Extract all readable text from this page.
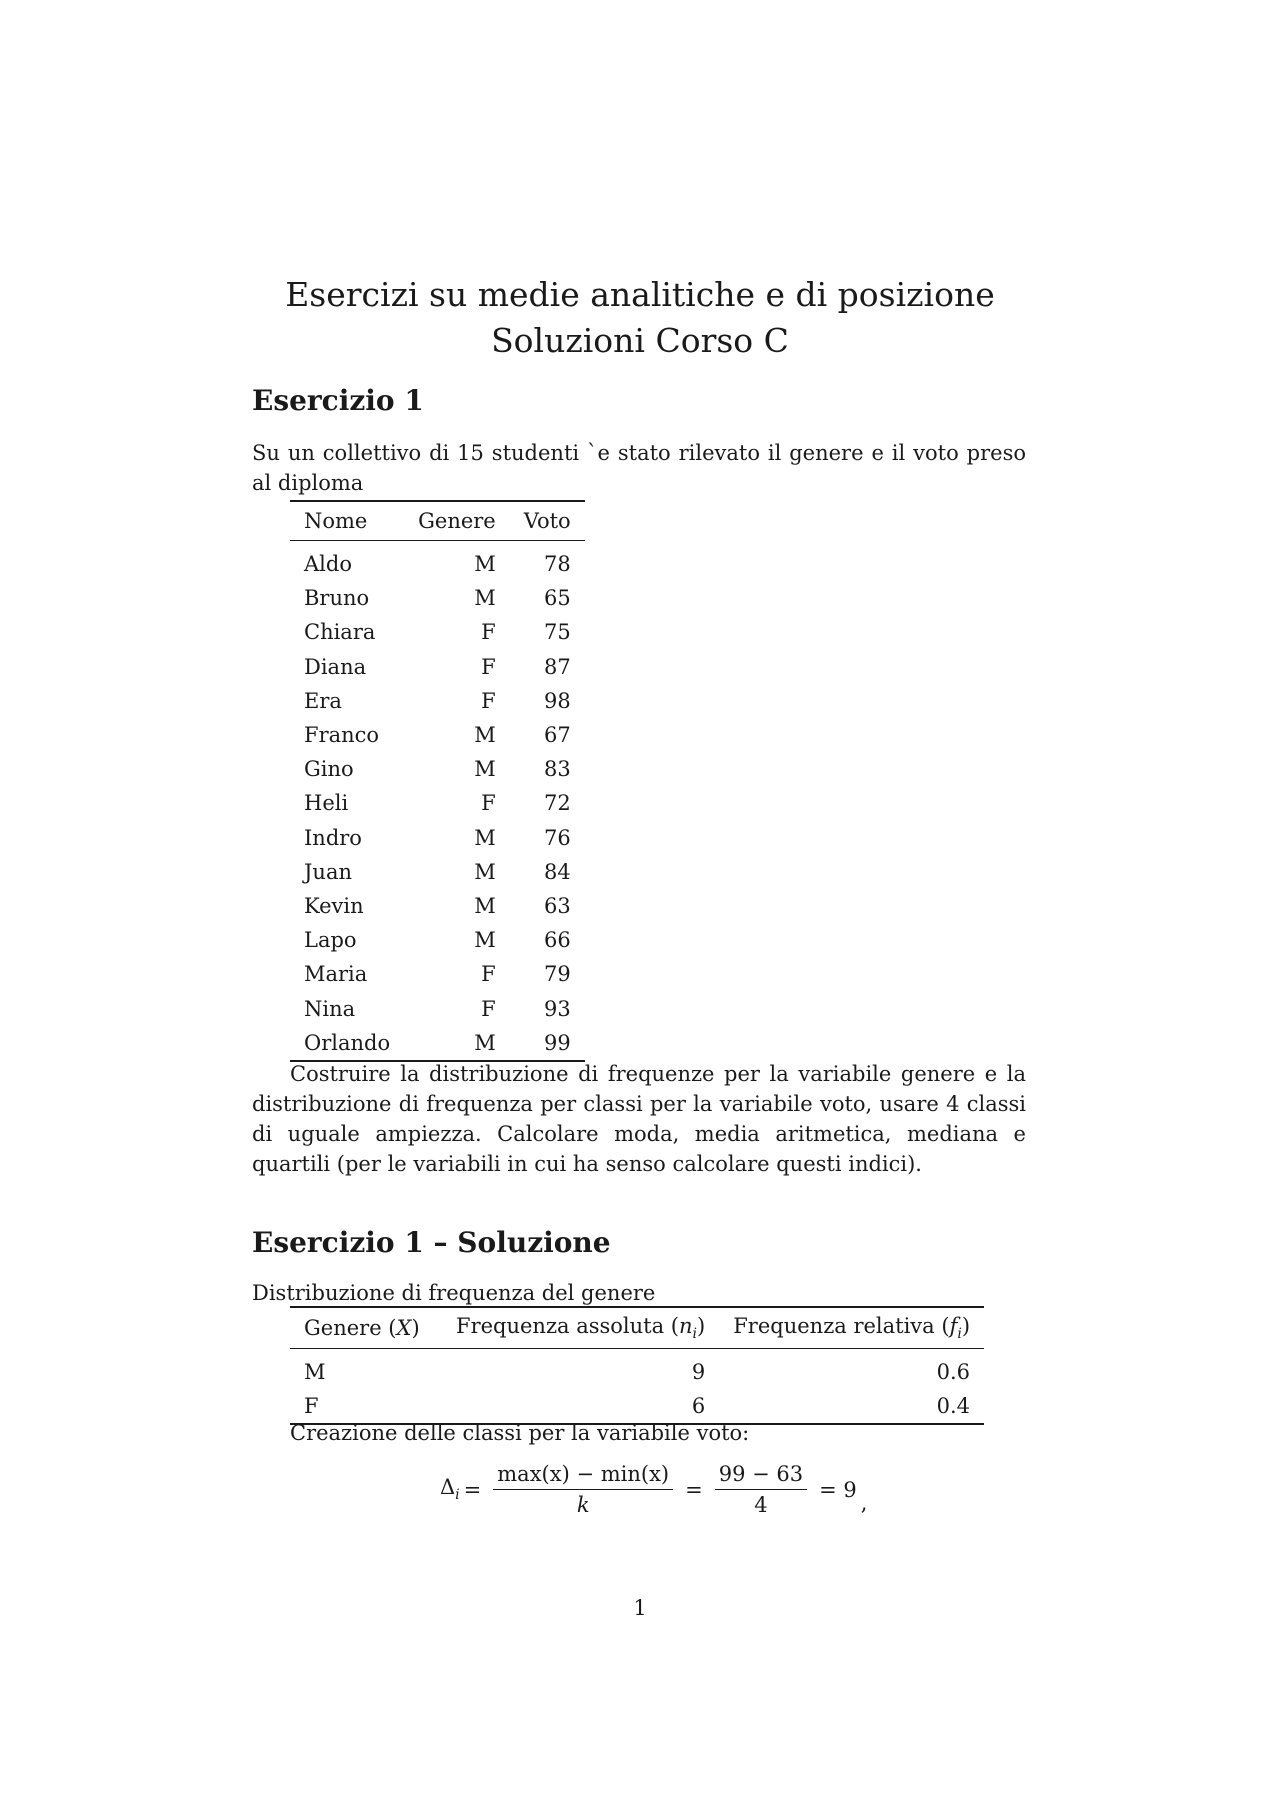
Esercizi su medie analitiche e di posizione
Soluzioni Corso C
Esercizio 1
Su un collettivo di 15 studenti `e stato rilevato il genere e il voto preso al diploma
Nome	Genere	Voto
Aldo	M	78
Bruno	M	65
Chiara	F	75
Diana	F	87
Era	F	98
Franco	M	67
Gino	M	83
Heli	F	72
Indro	M	76
Juan	M	84
Kevin	M	63
Lapo	M	66
Maria	F	79
Nina	F	93
Orlando	M	99
Costruire la distribuzione di frequenze per la variabile genere e la distribuzione di frequenza per classi per la variabile voto, usare 4 classi di uguale ampiezza. Calcolare moda, media aritmetica, mediana e quartili (per le variabili in cui ha senso calcolare questi indici).
Esercizio 1 – Soluzione
Distribuzione di frequenza del genere
Genere (X)	Frequenza assoluta $(n_i)$	Frequenza relativa $(f_i)$
M	9	0.6
F	6	0.4
Creazione delle classi per la variabile voto:
$\Delta_i = \frac{\max(x) - \min(x)}{k} = \frac{99 - 63}{4} = 9$
,
1
